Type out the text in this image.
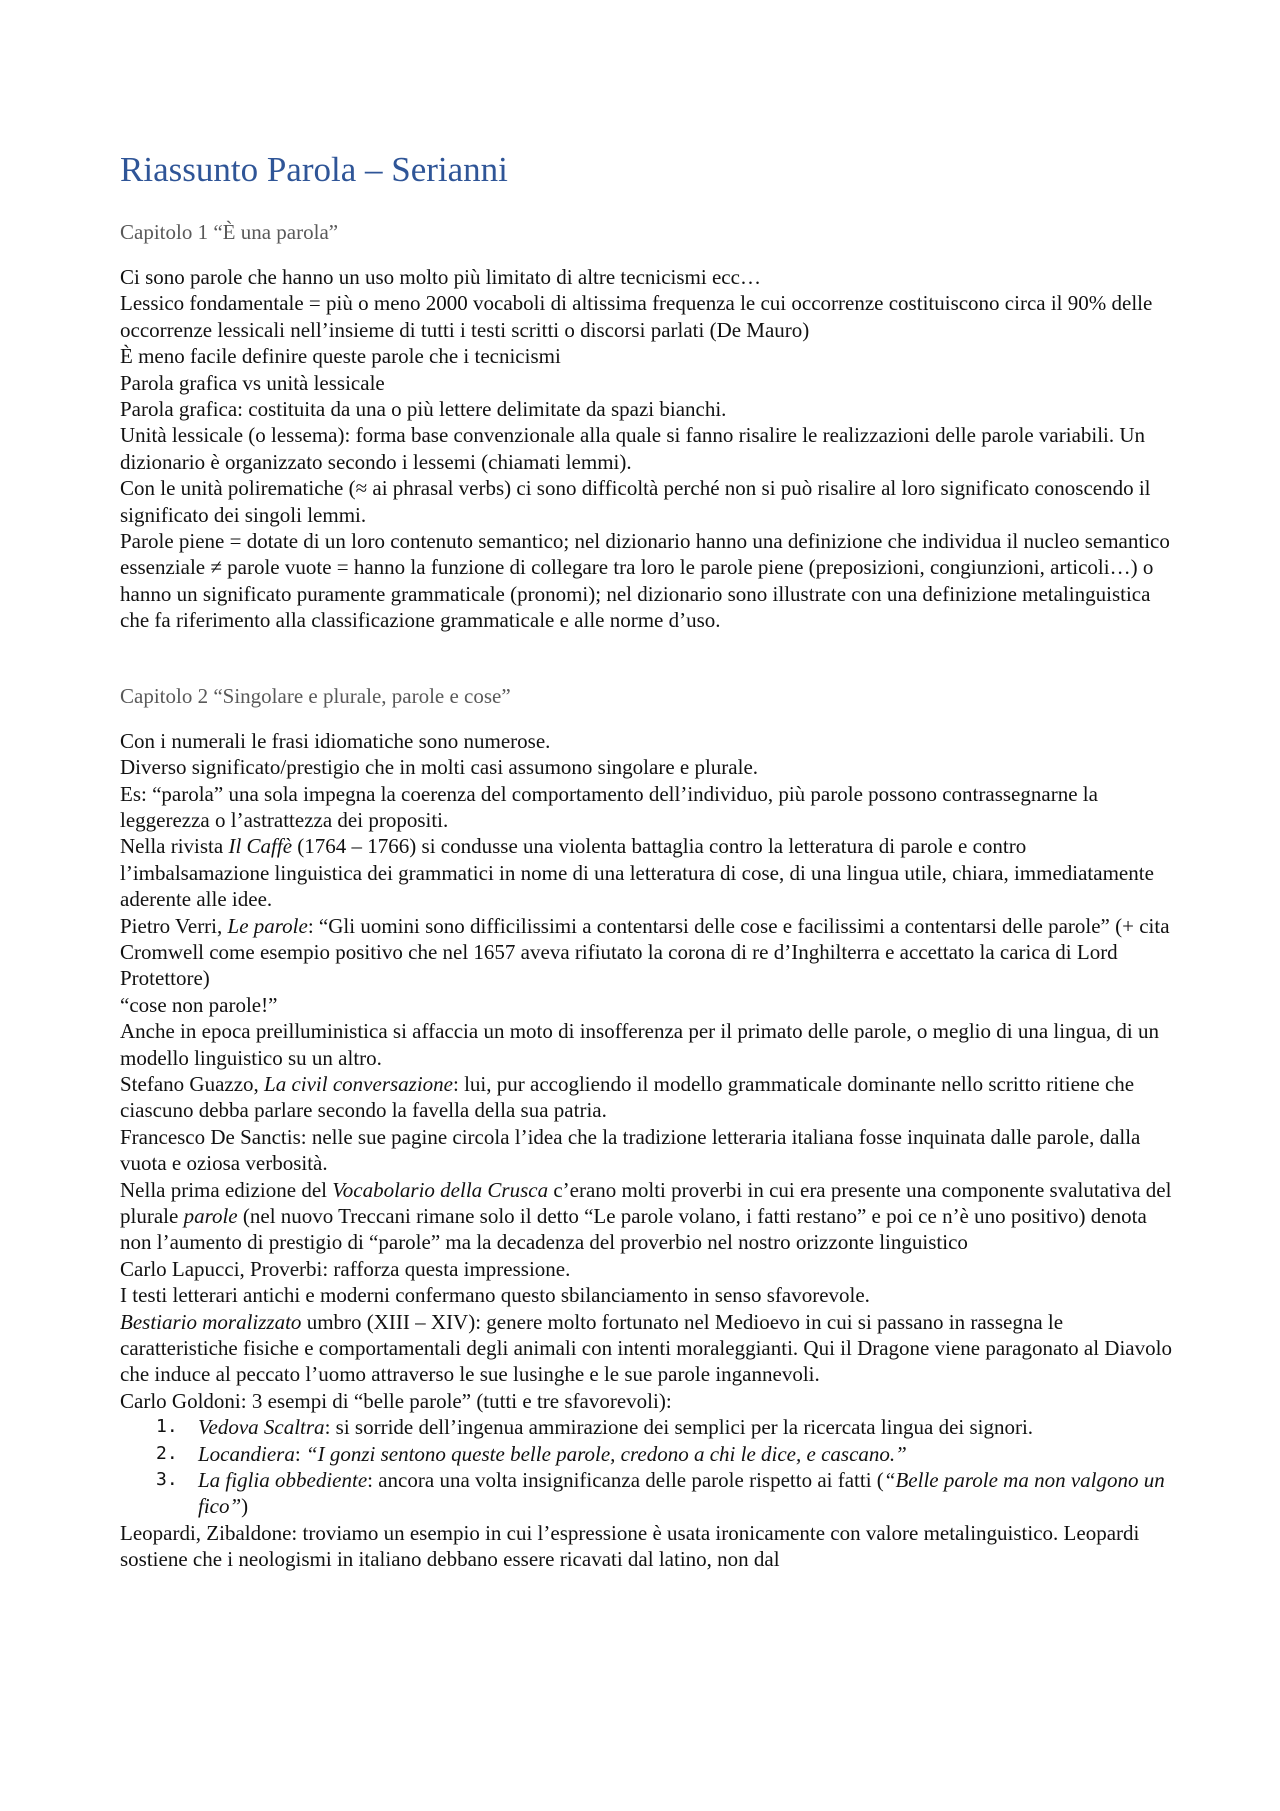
Riassunto Parola – Serianni
Capitolo 1 “È una parola”

Ci sono parole che hanno un uso molto più limitato di altre tecnicismi ecc…

Lessico fondamentale = più o meno 2000 vocaboli di altissima frequenza le cui occorrenze costituiscono circa il 90% delle occorrenze lessicali nell’insieme di tutti i testi scritti o discorsi parlati (De Mauro)

È meno facile definire queste parole che i tecnicismi

Parola grafica vs unità lessicale

Parola grafica: costituita da una o più lettere delimitate da spazi bianchi.

Unità lessicale (o lessema): forma base convenzionale alla quale si fanno risalire le realizzazioni delle parole variabili. Un dizionario è organizzato secondo i lessemi (chiamati lemmi).

Con le unità polirematiche (≈ ai phrasal verbs) ci sono difficoltà perché non si può risalire al loro significato conoscendo il significato dei singoli lemmi.

Parole piene = dotate di un loro contenuto semantico; nel dizionario hanno una definizione che individua il nucleo semantico essenziale ≠ parole vuote = hanno la funzione di collegare tra loro le parole piene (preposizioni, congiunzioni, articoli…) o hanno un significato puramente grammaticale (pronomi); nel dizionario sono illustrate con una definizione metalinguistica che fa riferimento alla classificazione grammaticale e alle norme d’uso.

Capitolo 2 “Singolare e plurale, parole e cose”

Con i numerali le frasi idiomatiche sono numerose.

Diverso significato/prestigio che in molti casi assumono singolare e plurale.

Es: “parola” una sola impegna la coerenza del comportamento dell’individuo, più parole possono contrassegnarne la leggerezza o l’astrattezza dei propositi.

Nella rivista Il Caffè (1764 – 1766) si condusse una violenta battaglia contro la letteratura di parole e contro l’imbalsamazione linguistica dei grammatici in nome di una letteratura di cose, di una lingua utile, chiara, immediatamente aderente alle idee.

Pietro Verri, Le parole: “Gli uomini sono difficilissimi a contentarsi delle cose e facilissimi a contentarsi delle parole” (+ cita Cromwell come esempio positivo che nel 1657 aveva rifiutato la corona di re d’Inghilterra e accettato la carica di Lord Protettore)

“cose non parole!”

Anche in epoca preilluministica si affaccia un moto di insofferenza per il primato delle parole, o meglio di una lingua, di un modello linguistico su un altro.

Stefano Guazzo, La civil conversazione: lui, pur accogliendo il modello grammaticale dominante nello scritto ritiene che ciascuno debba parlare secondo la favella della sua patria.

Francesco De Sanctis: nelle sue pagine circola l’idea che la tradizione letteraria italiana fosse inquinata dalle parole, dalla vuota e oziosa verbosità.

Nella prima edizione del Vocabolario della Crusca c’erano molti proverbi in cui era presente una componente svalutativa del plurale parole (nel nuovo Treccani rimane solo il detto “Le parole volano, i fatti restano” e poi ce n’è uno positivo) denota non l’aumento di prestigio di “parole” ma la decadenza del proverbio nel nostro orizzonte linguistico

Carlo Lapucci, Proverbi: rafforza questa impressione.

I testi letterari antichi e moderni confermano questo sbilanciamento in senso sfavorevole.

Bestiario moralizzato umbro (XIII – XIV): genere molto fortunato nel Medioevo in cui si passano in rassegna le caratteristiche fisiche e comportamentali degli animali con intenti moraleggianti. Qui il Dragone viene paragonato al Diavolo che induce al peccato l’uomo attraverso le sue lusinghe e le sue parole ingannevoli.

Carlo Goldoni: 3 esempi di “belle parole” (tutti e tre sfavorevoli):

1. Vedova Scaltra: si sorride dell’ingenua ammirazione dei semplici per la ricercata lingua dei signori.
2. Locandiera: “I gonzi sentono queste belle parole, credono a chi le dice, e cascano.”
3. La figlia obbediente: ancora una volta insignificanza delle parole rispetto ai fatti (“Belle parole ma non valgono un fico”)

Leopardi, Zibaldone: troviamo un esempio in cui l’espressione è usata ironicamente con valore metalinguistico. Leopardi sostiene che i neologismi in italiano debbano essere ricavati dal latino, non dal
